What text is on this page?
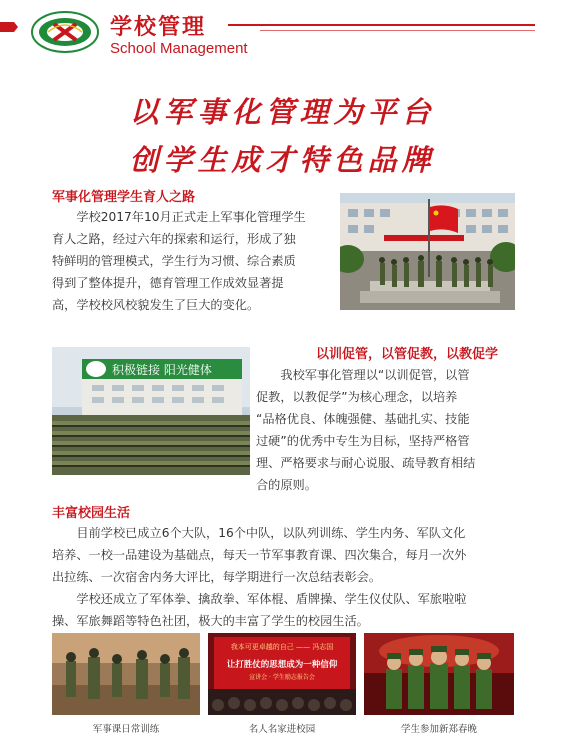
学校管理
School Management
以军事化管理为平台
创学生成才特色品牌
军事化管理学生育人之路
学校2017年10月正式走上军事化管理学生
育人之路，经过六年的探索和运行，形成了独
特鲜明的管理模式，学生行为习惯、综合素质
得到了整体提升，德育管理工作成效显著提
高，学校校风校貌发生了巨大的变化。
以训促管，以管促教，以教促学
积极链接 阳光健体	我校军事化管理以“以训促管，以管
促教，以教促学”为核心理念，以培养
“品格优良、体魄强健、基础扎实、技能
过硬”的优秀中专生为目标，坚持严格管
理、严格要求与耐心说服、疏导教育相结
合的原则。
丰富校园生活
目前学校已成立6个大队，16个中队，以队列训练、学生内务、军队文化
培养、一校一品建设为基础点，每天一节军事教育课、四次集合，每月一次外
出拉练、一次宿舍内务大评比，每学期进行一次总结表彰会。
学校还成立了军体拳、擒敌拳、军体棍、盾牌操、学生仪仗队、军旅啦啦
操、军旅舞蹈等特色社团，极大的丰富了学生的校园生活。
我本可更卓越的自己 —— 冯志国
让打胜仗的思想成为一种信仰
宣讲会 · 学生励志报告会
军事课日常训练	名人名家进校园	学生参加新郑春晚
